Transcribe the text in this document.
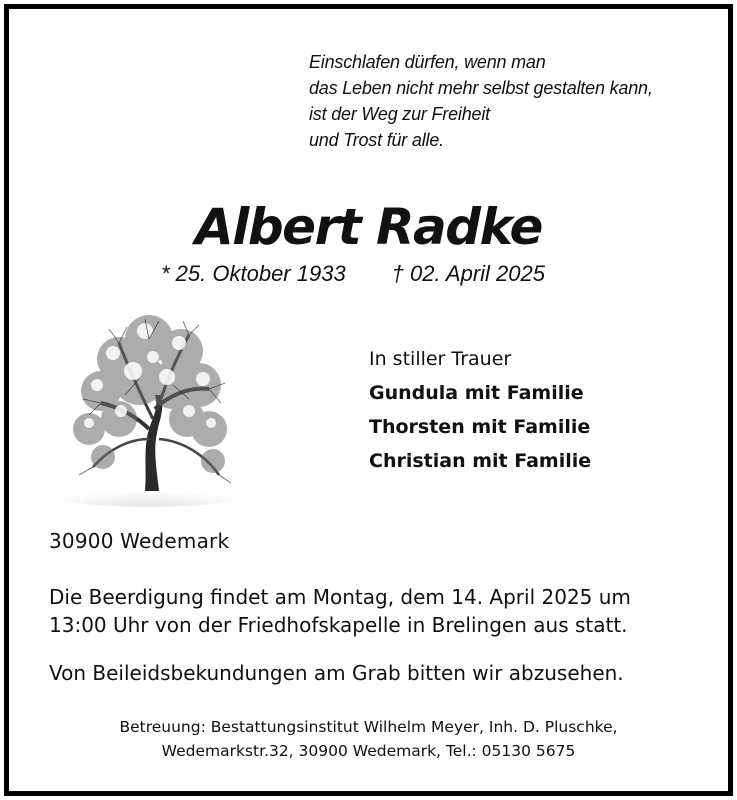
Einschlafen dürfen, wenn man
das Leben nicht mehr selbst gestalten kann,
ist der Weg zur Freiheit
und Trost für alle.
Albert Radke
* 25. Oktober 1933 † 02. April 2025
In stiller Trauer
Gundula mit Familie
Thorsten mit Familie
Christian mit Familie
30900 Wedemark
Die Beerdigung findet am Montag, dem 14. April 2025 um
13:00 Uhr von der Friedhofskapelle in Brelingen aus statt.
Von Beileidsbekundungen am Grab bitten wir abzusehen.
Betreuung: Bestattungsinstitut Wilhelm Meyer, Inh. D. Pluschke,
Wedemarkstr.32, 30900 Wedemark, Tel.: 05130 5675
